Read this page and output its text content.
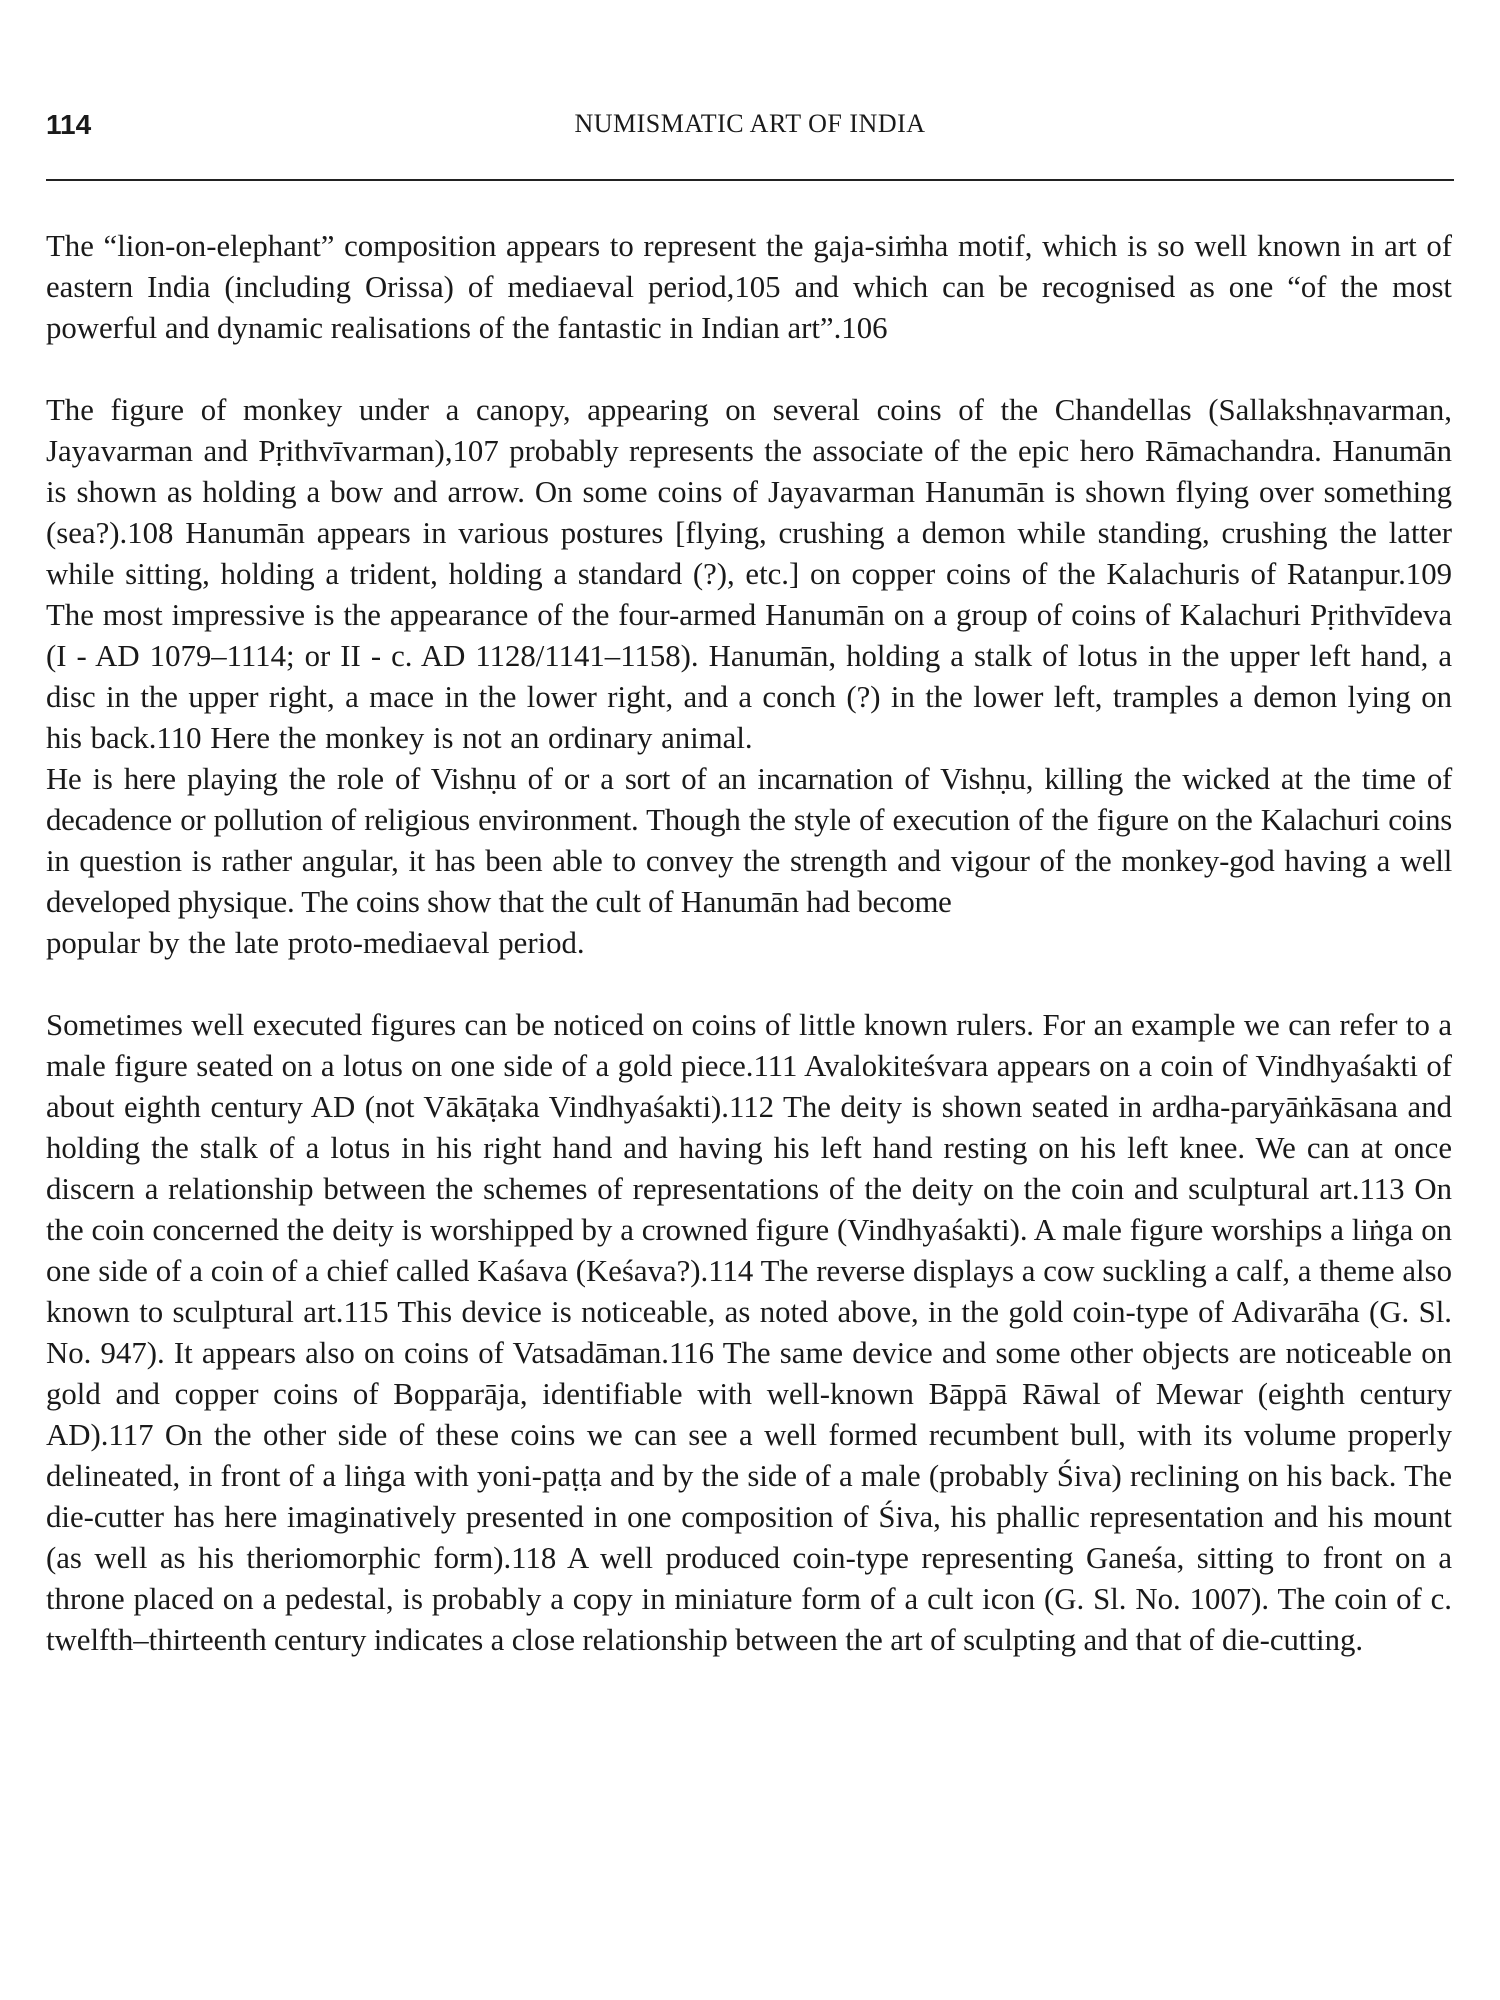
114	NUMISMATIC ART OF INDIA

The “lion-on-elephant” composition appears to represent the gaja-siṁha motif, which is so well known in art of eastern India (including Orissa) of mediaeval period,105 and which can be recognised as one “of the most powerful and dynamic realisations of the fantastic in Indian art”.106

The figure of monkey under a canopy, appearing on several coins of the Chandellas (Sallakshṇavarman, Jayavarman and Pṛithvīvarman),107 probably represents the associate of the epic hero Rāmachandra. Hanumān is shown as holding a bow and arrow. On some coins of Jayavarman Hanumān is shown flying over something (sea?).108 Hanumān appears in various postures [flying, crushing a demon while standing, crushing the latter while sitting, holding a trident, holding a standard (?), etc.] on copper coins of the Kalachuris of Ratanpur.109 The most impressive is the appearance of the four-armed Hanumān on a group of coins of Kalachuri Pṛithvīdeva (I - AD 1079–1114; or II - c. AD 1128/1141–1158). Hanumān, holding a stalk of lotus in the upper left hand, a disc in the upper right, a mace in the lower right, and a conch (?) in the lower left, tramples a demon lying on his back.110 Here the monkey is not an ordinary animal.

He is here playing the role of Vishṇu of or a sort of an incarnation of Vishṇu, killing the wicked at the time of decadence or pollution of religious environment. Though the style of execution of the figure on the Kalachuri coins in question is rather angular, it has been able to convey the strength and vigour of the monkey-god having a well developed physique. The coins show that the cult of Hanumān had become

popular by the late proto-mediaeval period.

Sometimes well executed figures can be noticed on coins of little known rulers. For an example we can refer to a male figure seated on a lotus on one side of a gold piece.111 Avalokiteśvara appears on a coin of Vindhyaśakti of about eighth century AD (not Vākāṭaka Vindhyaśakti).112 The deity is shown seated in ardha-paryāṅkāsana and holding the stalk of a lotus in his right hand and having his left hand resting on his left knee. We can at once discern a relationship between the schemes of representations of the deity on the coin and sculptural art.113 On the coin concerned the deity is worshipped by a crowned figure (Vindhyaśakti). A male figure worships a liṅga on one side of a coin of a chief called Kaśava (Keśava?).114 The reverse displays a cow suckling a calf, a theme also known to sculptural art.115 This device is noticeable, as noted above, in the gold coin-type of Adivarāha (G. Sl. No. 947). It appears also on coins of Vatsadāman.116 The same device and some other objects are noticeable on gold and copper coins of Bopparāja, identifiable with well-known Bāppā Rāwal of Mewar (eighth century AD).117 On the other side of these coins we can see a well formed recumbent bull, with its volume properly delineated, in front of a liṅga with yoni-paṭṭa and by the side of a male (probably Śiva) reclining on his back. The die-cutter has here imaginatively presented in one composition of Śiva, his phallic representation and his mount (as well as his theriomorphic form).118 A well produced coin-type representing Ganeśa, sitting to front on a throne placed on a pedestal, is probably a copy in miniature form of a cult icon (G. Sl. No. 1007). The coin of c. twelfth–thirteenth century indicates a close relationship between the art of sculpting and that of die-cutting.
